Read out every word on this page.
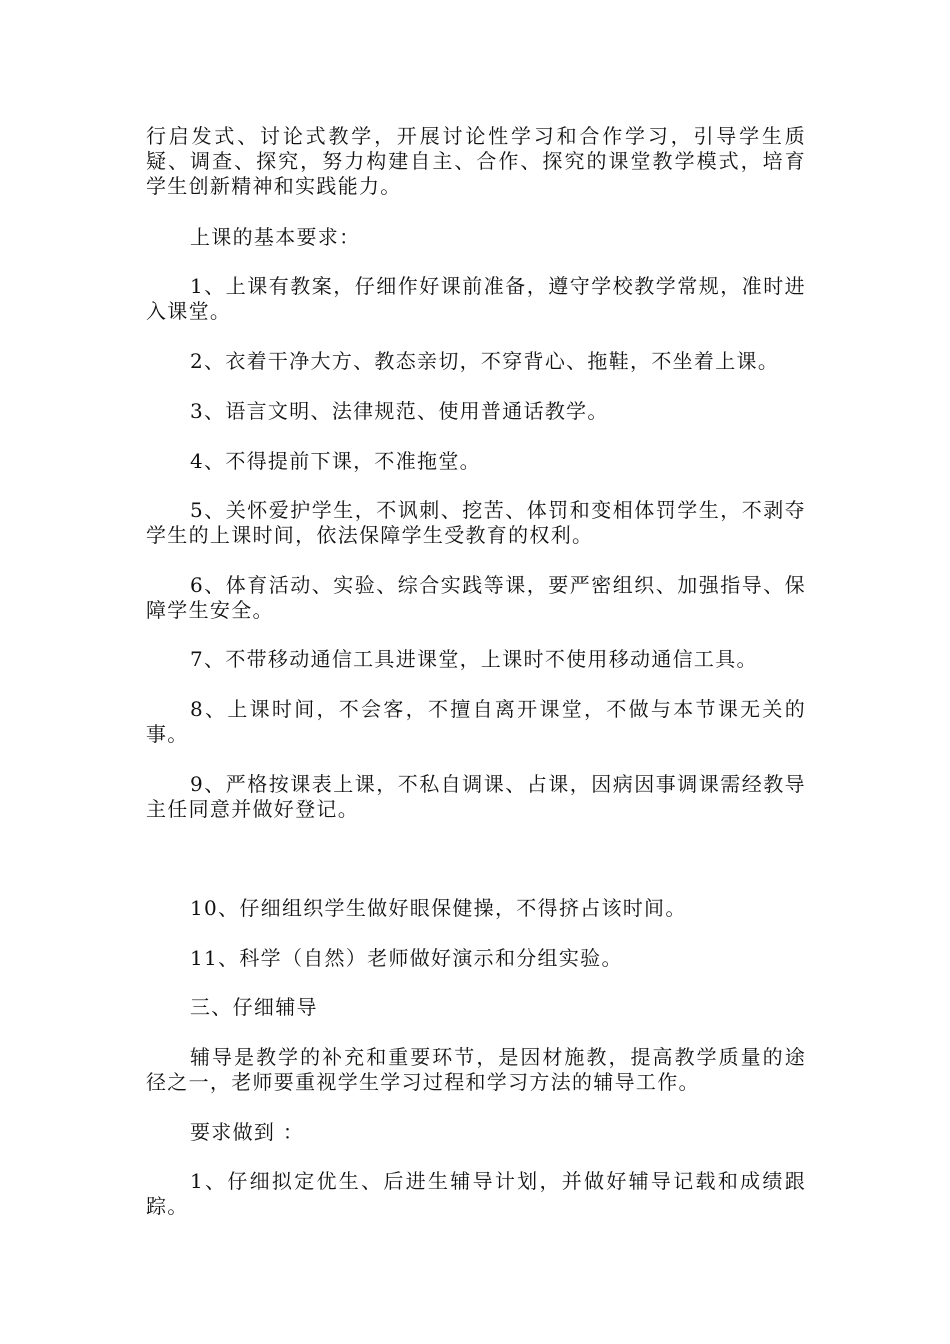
行启发式、讨论式教学，开展讨论性学习和合作学习，引导学生质疑、调查、探究，努力构建自主、合作、探究的课堂教学模式，培育学生创新精神和实践能力。

上课的基本要求：

1、上课有教案，仔细作好课前准备，遵守学校教学常规，准时进入课堂。

2、衣着干净大方、教态亲切，不穿背心、拖鞋，不坐着上课。

3、语言文明、法律规范、使用普通话教学。

4、不得提前下课，不准拖堂。

5、关怀爱护学生，不讽刺、挖苦、体罚和变相体罚学生，不剥夺学生的上课时间，依法保障学生受教育的权利。

6、体育活动、实验、综合实践等课，要严密组织、加强指导、保障学生安全。

7、不带移动通信工具进课堂，上课时不使用移动通信工具。

8、上课时间，不会客，不擅自离开课堂，不做与本节课无关的事。

9、严格按课表上课，不私自调课、占课，因病因事调课需经教导主任同意并做好登记。

10、仔细组织学生做好眼保健操，不得挤占该时间。

11、科学（自然）老师做好演示和分组实验。

三、仔细辅导

辅导是教学的补充和重要环节，是因材施教，提高教学质量的途径之一，老师要重视学生学习过程和学习方法的辅导工作。

要求做到 ：

1、仔细拟定优生、后进生辅导计划，并做好辅导记载和成绩跟踪。
